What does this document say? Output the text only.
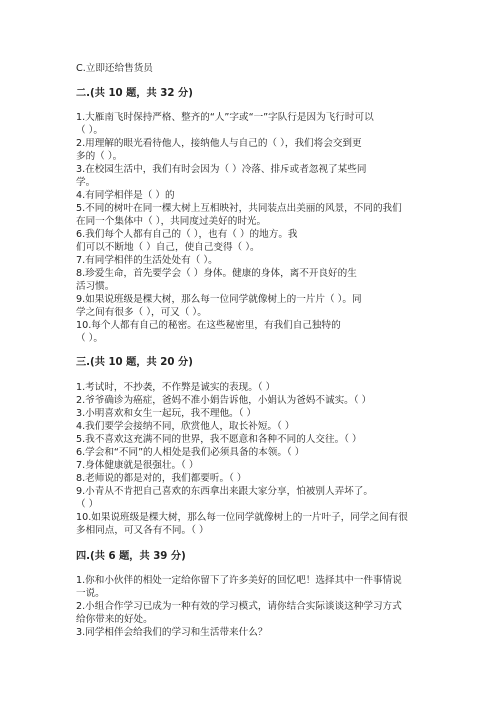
C.立即还给售货员
二.(共 10 题，共 32 分)
1.大雁南飞时保持严格、整齐的“人”字或“一”字队行是因为飞行时可以
（ ）。
2.用理解的眼光看待他人，接纳他人与自己的（ ），我们将会交到更
多的（ ）。
3.在校园生活中，我们有时会因为（ ）冷落、排斥或者忽视了某些同
学。
4.有同学相伴是（ ）的
5.不同的树叶在同一棵大树上互相映衬，共同装点出美丽的风景，不同的我们
在同一个集体中（ ），共同度过美好的时光。
6.我们每个人都有自己的（ ），也有（ ）的地方。我
们可以不断地（ ）自己，使自己变得（ ）。
7.有同学相伴的生活处处有（ ）。
8.珍爱生命，首先要学会（ ）身体。健康的身体，离不开良好的生
活习惯。
9.如果说班级是棵大树，那么每一位同学就像树上的一片片（ ）。同
学之间有很多（ ），可又（ ）。
10.每个人都有自己的秘密。在这些秘密里，有我们自己独特的
（ ）。
三.(共 10 题，共 20 分)
1.考试时，不抄袭，不作弊是诚实的表现。（ ）
2.爷爷确诊为癌症，爸妈不准小娟告诉他，小娟认为爸妈不诚实。（ ）
3.小明喜欢和女生一起玩，我不理他。（ ）
4.我们要学会接纳不同，欣赏他人，取长补短。（ ）
5.我不喜欢这充满不同的世界，我不愿意和各种不同的人交往。（ ）
6.学会和“不同”的人相处是我们必须具备的本领。（ ）
7.身体健康就是很强壮。（ ）
8.老师说的都是对的，我们都要听。（ ）
9.小青从不肯把自己喜欢的东西拿出来跟大家分享，怕被别人弄坏了。
（ ）
10.如果说班级是棵大树，那么每一位同学就像树上的一片叶子，同学之间有很
多相同点，可又各有不同。（ ）
四.(共 6 题，共 39 分)
1.你和小伙伴的相处一定给你留下了许多美好的回忆吧！选择其中一件事情说
一说。
2.小组合作学习已成为一种有效的学习模式，请你结合实际谈谈这种学习方式
给你带来的好处。
3.同学相伴会给我们的学习和生活带来什么？
